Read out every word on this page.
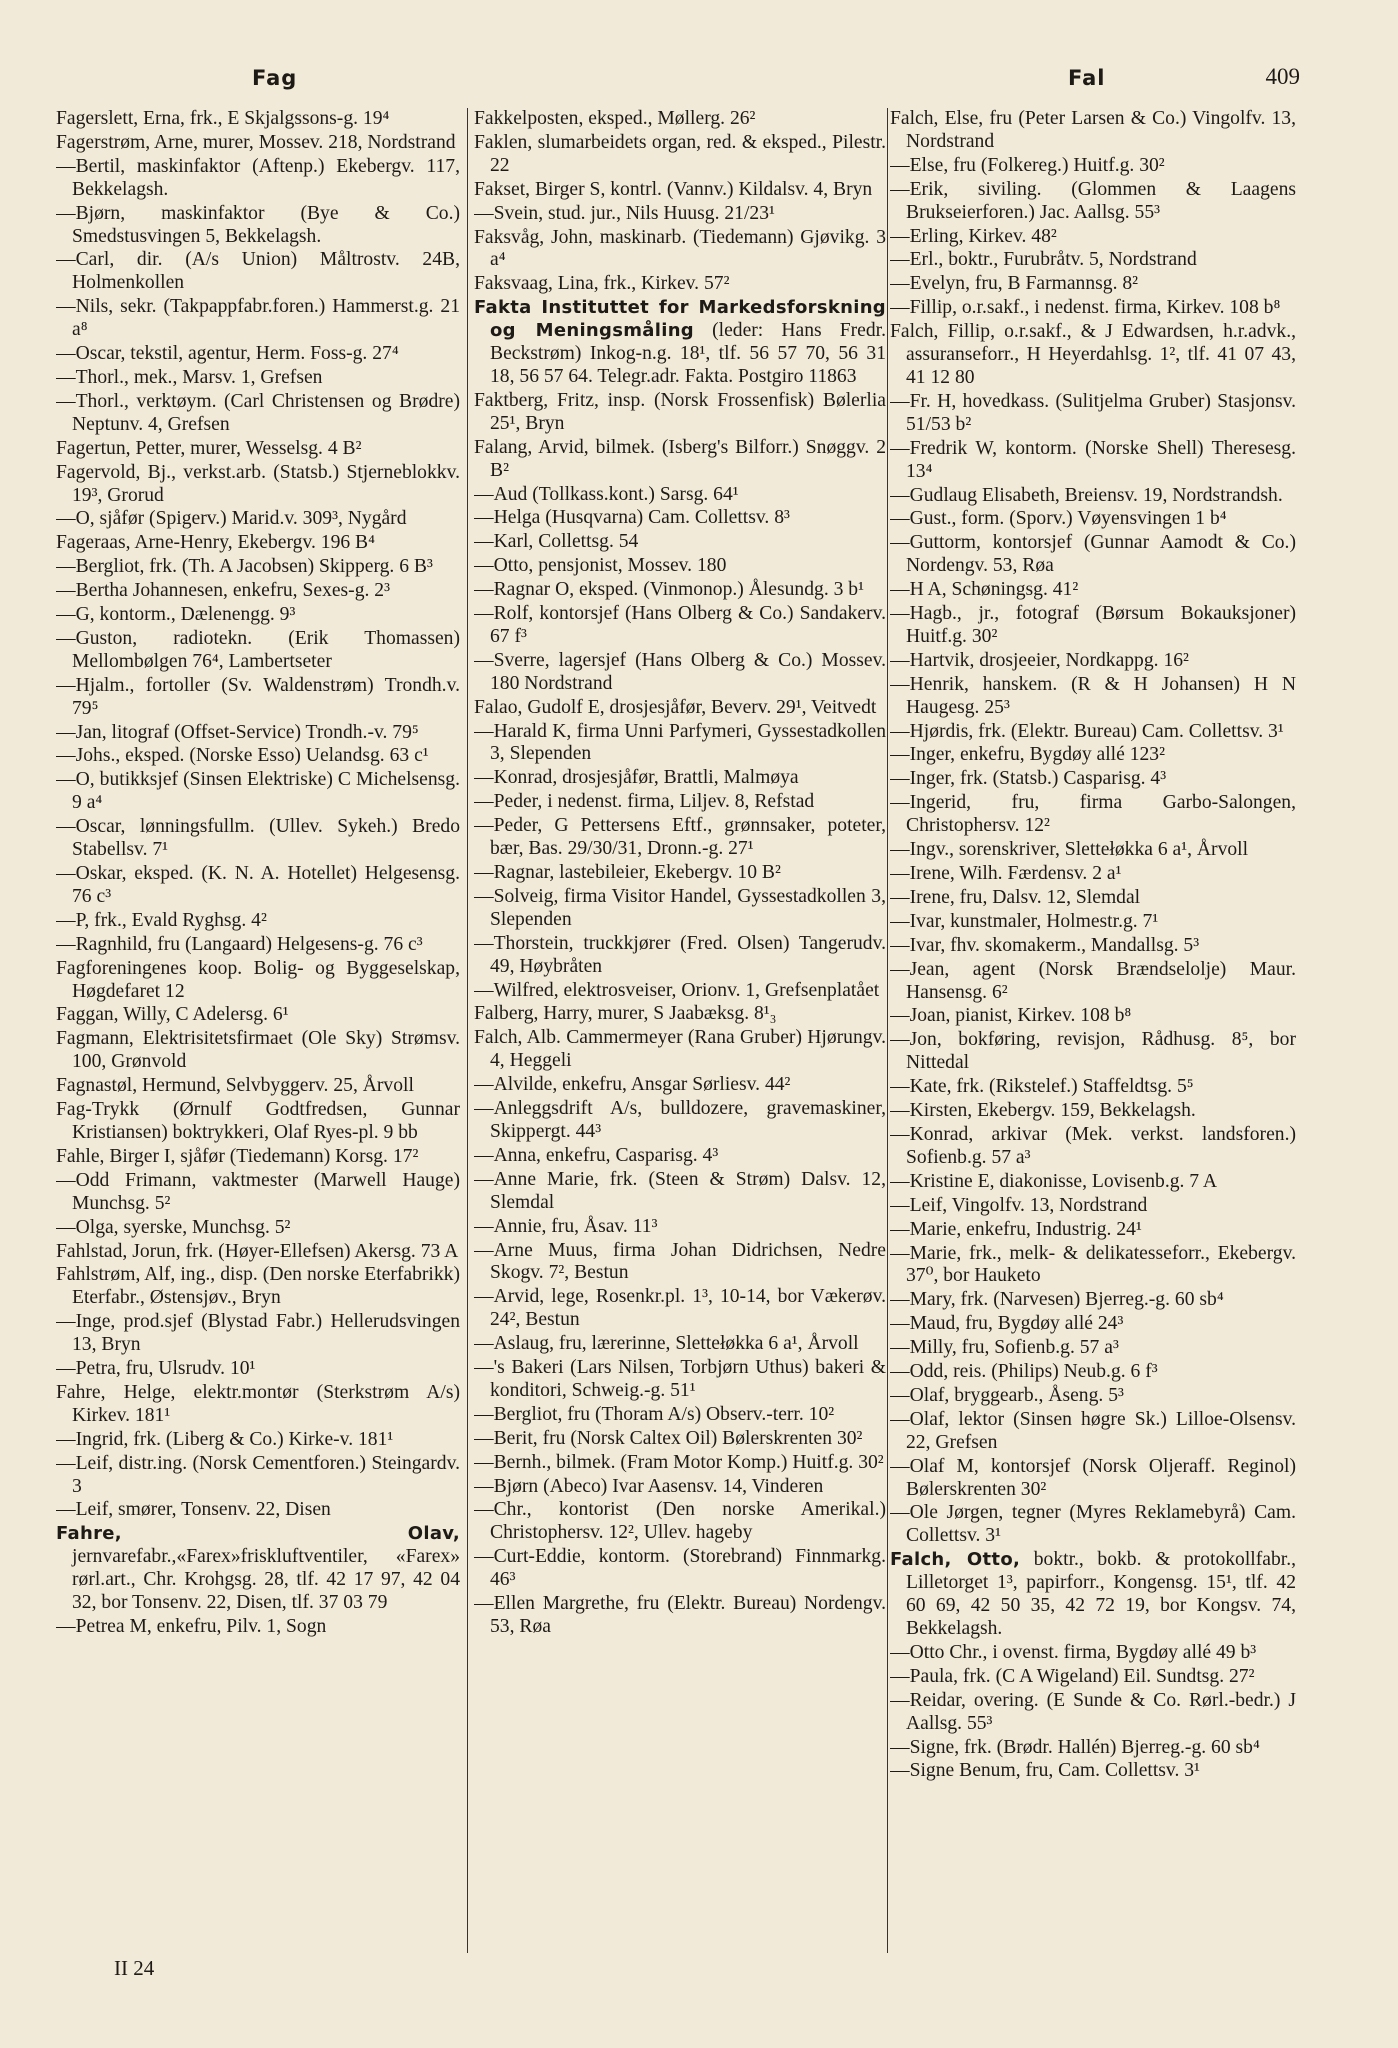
Fag	Fal	409
Fagerslett, Erna, frk., E Skjalgssons-g. 19⁴
Fagerstrøm, Arne, murer, Mossev. 218, Nordstrand
—Bertil, maskinfaktor (Aftenp.) Ekebergv. 117, Bekkelagsh.
—Bjørn, maskinfaktor (Bye & Co.) Smedstusvingen 5, Bekkelagsh.
—Carl, dir. (A/s Union) Måltrostv. 24B, Holmenkollen
—Nils, sekr. (Takpappfabr.foren.) Hammerst.g. 21 a⁸
—Oscar, tekstil, agentur, Herm. Foss-g. 27⁴
—Thorl., mek., Marsv. 1, Grefsen
—Thorl., verktøym. (Carl Christensen og Brødre) Neptunv. 4, Grefsen
Fagertun, Petter, murer, Wesselsg. 4 B²
Fagervold, Bj., verkst.arb. (Statsb.) Stjerneblokkv. 19³, Grorud
—O, sjåfør (Spigerv.) Marid.v. 309³, Nygård
Fageraas, Arne-Henry, Ekebergv. 196 B⁴
—Bergliot, frk. (Th. A Jacobsen) Skipperg. 6 B³
—Bertha Johannesen, enkefru, Sexes-g. 2³
—G, kontorm., Dælenengg. 9³
—Guston, radiotekn. (Erik Thomassen) Mellombølgen 76⁴, Lambertseter
—Hjalm., fortoller (Sv. Waldenstrøm) Trondh.v. 79⁵
—Jan, litograf (Offset-Service) Trondh.-v. 79⁵
—Johs., eksped. (Norske Esso) Uelandsg. 63 c¹
—O, butikksjef (Sinsen Elektriske) C Michelsensg. 9 a⁴
—Oscar, lønningsfullm. (Ullev. Sykeh.) Bredo Stabellsv. 7¹
—Oskar, eksped. (K. N. A. Hotellet) Helgesensg. 76 c³
—P, frk., Evald Ryghsg. 4²
—Ragnhild, fru (Langaard) Helgesens-g. 76 c³
Fagforeningenes koop. Bolig- og Byggeselskap, Høgdefaret 12
Faggan, Willy, C Adelersg. 6¹
Fagmann, Elektrisitetsfirmaet (Ole Sky) Strømsv. 100, Grønvold
Fagnastøl, Hermund, Selvbyggerv. 25, Årvoll
Fag-Trykk (Ørnulf Godtfredsen, Gunnar Kristiansen) boktrykkeri, Olaf Ryes-pl. 9 bb
Fahle, Birger I, sjåfør (Tiedemann) Korsg. 17²
—Odd Frimann, vaktmester (Marwell Hauge) Munchsg. 5²
—Olga, syerske, Munchsg. 5²
Fahlstad, Jorun, frk. (Høyer-Ellefsen) Akersg. 73 A
Fahlstrøm, Alf, ing., disp. (Den norske Eterfabrikk) Eterfabr., Østensjøv., Bryn
—Inge, prod.sjef (Blystad Fabr.) Hellerudsvingen 13, Bryn
—Petra, fru, Ulsrudv. 10¹
Fahre, Helge, elektr.montør (Sterkstrøm A/s) Kirkev. 181¹
—Ingrid, frk. (Liberg & Co.) Kirke-v. 181¹
—Leif, distr.ing. (Norsk Cementforen.) Steingardv. 3
—Leif, smører, Tonsenv. 22, Disen
Fahre, Olav, jernvarefabr.,«Farex»friskluftventiler, «Farex» rørl.art., Chr. Krohgsg. 28, tlf. 42 17 97, 42 04 32, bor Tonsenv. 22, Disen, tlf. 37 03 79
—Petrea M, enkefru, Pilv. 1, Sogn
Fakkelposten, eksped., Møllerg. 26²
Faklen, slumarbeidets organ, red. & eksped., Pilestr. 22
Fakset, Birger S, kontrl. (Vannv.) Kildalsv. 4, Bryn
—Svein, stud. jur., Nils Huusg. 21/23¹
Faksvåg, John, maskinarb. (Tiedemann) Gjøvikg. 3 a⁴
Faksvaag, Lina, frk., Kirkev. 57²
Fakta Instituttet for Markedsforskning og Meningsmåling (leder: Hans Fredr. Beckstrøm) Inkog-n.g. 18¹, tlf. 56 57 70, 56 31 18, 56 57 64. Telegr.adr. Fakta. Postgiro 11863
Faktberg, Fritz, insp. (Norsk Frossenfisk) Bølerlia 25¹, Bryn
Falang, Arvid, bilmek. (Isberg's Bilforr.) Snøggv. 2 B²
—Aud (Tollkass.kont.) Sarsg. 64¹
—Helga (Husqvarna) Cam. Collettsv. 8³
—Karl, Collettsg. 54
—Otto, pensjonist, Mossev. 180
—Ragnar O, eksped. (Vinmonop.) Ålesundg. 3 b¹
—Rolf, kontorsjef (Hans Olberg & Co.) Sandakerv. 67 f³
—Sverre, lagersjef (Hans Olberg & Co.) Mossev. 180 Nordstrand
Falao, Gudolf E, drosjesjåfør, Beverv. 29¹, Veitvedt
—Harald K, firma Unni Parfymeri, Gyssestadkollen 3, Slependen
—Konrad, drosjesjåfør, Brattli, Malmøya
—Peder, i nedenst. firma, Liljev. 8, Refstad
—Peder, G Pettersens Eftf., grønnsaker, poteter, bær, Bas. 29/30/31, Dronn.-g. 27¹
—Ragnar, lastebileier, Ekebergv. 10 B²
—Solveig, firma Visitor Handel, Gyssestadkollen 3, Slependen
—Thorstein, truckkjører (Fred. Olsen) Tangerudv. 49, Høybråten
—Wilfred, elektrosveiser, Orionv. 1, Grefsenplatået
Falberg, Harry, murer, S Jaabæksg. 8¹₃
Falch, Alb. Cammermeyer (Rana Gruber) Hjørungv. 4, Heggeli
—Alvilde, enkefru, Ansgar Sørliesv. 44²
—Anleggsdrift A/s, bulldozere, gravemaskiner, Skippergt. 44³
—Anna, enkefru, Casparisg. 4³
—Anne Marie, frk. (Steen & Strøm) Dalsv. 12, Slemdal
—Annie, fru, Åsav. 11³
—Arne Muus, firma Johan Didrichsen, Nedre Skogv. 7², Bestun
—Arvid, lege, Rosenkr.pl. 1³, 10-14, bor Vækerøv. 24², Bestun
—Aslaug, fru, lærerinne, Slettełøkka 6 a¹, Årvoll
—'s Bakeri (Lars Nilsen, Torbjørn Uthus) bakeri & konditori, Schweig.-g. 51¹
—Bergliot, fru (Thoram A/s) Observ.-terr. 10²
—Berit, fru (Norsk Caltex Oil) Bølerskrenten 30²
—Bernh., bilmek. (Fram Motor Komp.) Huitf.g. 30²
—Bjørn (Abeco) Ivar Aasensv. 14, Vinderen
—Chr., kontorist (Den norske Amerikal.) Christophersv. 12², Ullev. hageby
—Curt-Eddie, kontorm. (Storebrand) Finnmarkg. 46³
—Ellen Margrethe, fru (Elektr. Bureau) Nordengv. 53, Røa
Falch, Else, fru (Peter Larsen & Co.) Vingolfv. 13, Nordstrand
—Else, fru (Folkereg.) Huitf.g. 30²
—Erik, siviling. (Glommen & Laagens Brukseierforen.) Jac. Aallsg. 55³
—Erling, Kirkev. 48²
—Erl., boktr., Furubråtv. 5, Nordstrand
—Evelyn, fru, B Farmannsg. 8²
—Fillip, o.r.sakf., i nedenst. firma, Kirkev. 108 b⁸
Falch, Fillip, o.r.sakf., & J Edwardsen, h.r.advk., assuranseforr., H Heyerdahlsg. 1², tlf. 41 07 43, 41 12 80
—Fr. H, hovedkass. (Sulitjelma Gruber) Stasjonsv. 51/53 b²
—Fredrik W, kontorm. (Norske Shell) Theresesg. 13⁴
—Gudlaug Elisabeth, Breiensv. 19, Nordstrandsh.
—Gust., form. (Sporv.) Vøyensvingen 1 b⁴
—Guttorm, kontorsjef (Gunnar Aamodt & Co.) Nordengv. 53, Røa
—H A, Schøningsg. 41²
—Hagb., jr., fotograf (Børsum Bokauksjoner) Huitf.g. 30²
—Hartvik, drosjeeier, Nordkappg. 16²
—Henrik, hanskem. (R & H Johansen) H N Haugesg. 25³
—Hjørdis, frk. (Elektr. Bureau) Cam. Collettsv. 3¹
—Inger, enkefru, Bygdøy allé 123²
—Inger, frk. (Statsb.) Casparisg. 4³
—Ingerid, fru, firma Garbo-Salongen, Christophersv. 12²
—Ingv., sorenskriver, Slettełøkka 6 a¹, Årvoll
—Irene, Wilh. Færdensv. 2 a¹
—Irene, fru, Dalsv. 12, Slemdal
—Ivar, kunstmaler, Holmestr.g. 7¹
—Ivar, fhv. skomakerm., Mandallsg. 5³
—Jean, agent (Norsk Brændselolje) Maur. Hansensg. 6²
—Joan, pianist, Kirkev. 108 b⁸
—Jon, bokføring, revisjon, Rådhusg. 8⁵, bor Nittedal
—Kate, frk. (Rikstelef.) Staffeldtsg. 5⁵
—Kirsten, Ekebergv. 159, Bekkelagsh.
—Konrad, arkivar (Mek. verkst. landsforen.) Sofienb.g. 57 a³
—Kristine E, diakonisse, Lovisenb.g. 7 A
—Leif, Vingolfv. 13, Nordstrand
—Marie, enkefru, Industrig. 24¹
—Marie, frk., melk- & delikatesseforr., Ekebergv. 37⁰, bor Hauketo
—Mary, frk. (Narvesen) Bjerreg.-g. 60 sb⁴
—Maud, fru, Bygdøy allé 24³
—Milly, fru, Sofienb.g. 57 a³
—Odd, reis. (Philips) Neub.g. 6 f³
—Olaf, bryggearb., Åseng. 5³
—Olaf, lektor (Sinsen høgre Sk.) Lilloe-Olsensv. 22, Grefsen
—Olaf M, kontorsjef (Norsk Oljeraff. Reginol) Bølerskrenten 30²
—Ole Jørgen, tegner (Myres Reklamebyrå) Cam. Collettsv. 3¹
Falch, Otto, boktr., bokb. & protokollfabr., Lilletorget 1³, papirforr., Kongensg. 15¹, tlf. 42 60 69, 42 50 35, 42 72 19, bor Kongsv. 74, Bekkelagsh.
—Otto Chr., i ovenst. firma, Bygdøy allé 49 b³
—Paula, frk. (C A Wigeland) Eil. Sundtsg. 27²
—Reidar, overing. (E Sunde & Co. Rørl.-bedr.) J Aallsg. 55³
—Signe, frk. (Brødr. Hallén) Bjerreg.-g. 60 sb⁴
—Signe Benum, fru, Cam. Collettsv. 3¹
II 24
